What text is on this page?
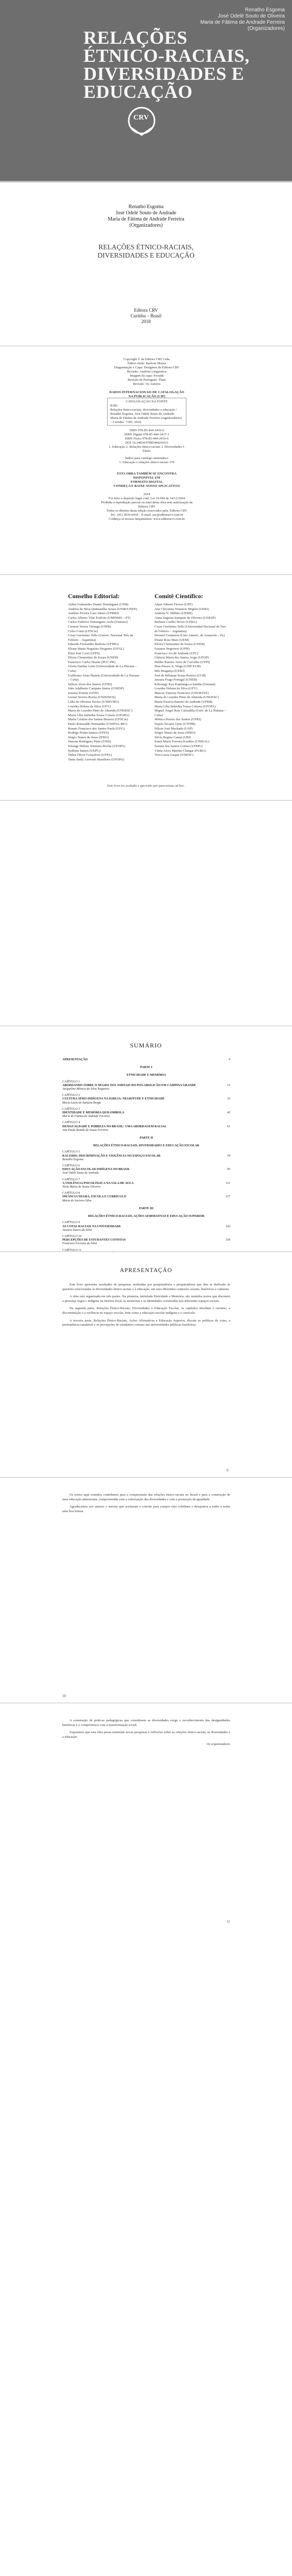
Renatho Esgoma
José Odelé Souto de Oliveira
Maria de Fátima de Andrade Ferreira
(Organizadores)
RELAÇÕES
ÉTNICO-RACIAIS,
DIVERSIDADES E
EDUCAÇÃO
CRV
Renatho Esgoma
José Odelé Souto de Andrade
Maria de Fátima de Andrade Ferreira
(Organizadores)
RELAÇÕES ÉTNICO-RACIAIS,
DIVERSIDADES E EDUCAÇÃO
Editora CRV
Curitiba – Brasil
2018
Copyright © da Editora CRV Ltda.
Editor-chefe: Railson Moura
Diagramação e Capa: Designers da Editora CRV
Revisão: Analista Linguística
Imagem da capa: Freepik
Revisão de Português: Thaís
Revisão: Os Autores
DADOS INTERNACIONAIS DE CATALOGAÇÃO NA PUBLICAÇÃO (CIP)
CATALOGAÇÃO NA FONTE
R382
Relações étnico-raciais, diversidades e educação / Renatho Esgoma, José Odelé Souto de Andrade, Maria de Fátima de Andrade Ferreira (organizadores) – Curitiba : CRV, 2018.
ISBN 978-85-444-2416-6
ISBN Digital 978-85-444-2417-3
ISBN Físico 978-85-444-2416-6
DOI 10.24824/978854442416.6
1. Educação 2. Relações étnico-raciais 3. Diversidades I. Título.
Índice para catálogo sistemático
1. Educação e relações étnico-raciais 370
ESTA OBRA TAMBÉM SE ENCONTRA DISPONÍVEL EM
FORMATO DIGITAL
CONHEÇA E BAIXE NOSSO APLICATIVO!
2018
Foi feito o depósito legal conf. Lei 10.994 de 14/12/2004
Proibida a reprodução parcial ou total desta obra sem autorização da Editora CRV
Todos os direitos desta edição reservados pela: Editora CRV
Tel.: (41) 3039-6418 – E-mail: sac@editoracrv.com.br
Conheça os nossos lançamentos: www.editoracrv.com.br
Conselho Editorial:	Comitê Científico:
Aldira Guimarães Duarte Domínguez (UNB)
Andréia da Silva Quintanilha Sousa (UNIR/UFRN)
Antônio Pereira Gaio Júnior (UFRRJ)
Carlos Alberto Vilar Estêvão (UMINHO – PT)
Carlos Federico Dominguez Avila (Unieuro)
Carmen Tereza Velanga (UNIR)
Celso Conti (UFSCar)
Cesar Gerónimo Tello (Univer. Nacional Três de Febrero – Argentina)
Eduardo Fernandes Barbosa (UFMG)
Elione Maria Nogueira Diogenes (UFAL)
Élsio José Corá (UFFS)
Elizeu Clementino de Souza (UNEB)
Francisco Carlos Duarte (PUC-PR)
Gloria Fariñas León (Universidade de La Havana – Cuba)
Guillermo Arias Beatón (Universidade de La Havana – Cuba)
Jailson Alves dos Santos (UFRJ)
João Adalberto Campato Junior (UNESP)
Josania Portela (UFPI)
Leonel Severo Rocha (UNISINOS)
Lídia de Oliveira Xavier (UNIEURO)
Lourdes Helena da Silva (UFV)
Maria de Lourdes Pinto de Almeida (UNOESC)
Maria Lília Imbiriba Sousa Colares (UFOPA)
Maria Cristina dos Santos Bezerra (UFSCar)
Paulo Romualdo Hernandes (UNIFAL-MG)
Renato Francisco dos Santos Paula (UFG)
Rodrigo Pratte-Santos (UFES)
Sérgio Nunes de Jesus (IFRO)
Simone Rodrigues Pinto (UNB)
Solange Helena Ximenes-Rocha (UFOPA)
Sydione Santos (UEPG)
Tadeu Oliver Gonçalves (UFPA)
Tania Suely Azevedo Brasileiro (UFOPA)
Altair Alberto Fávero (UPF)
Ana Chrystina Venancio Mignot (UERJ)
Andréia N. Militão (UEMS)
Anna Augusta Sampaio de Oliveira (UNESP)
Barbara Coelho Neves (UFBA)
Cesar Gerónimo Tello (Universidad Nacional de Tres de Febrero – Argentina)
Diosnel Centurion (Univ Americ. de Asunción – Py)
Eliane Rose Maio (UEM)
Elizeu Clementino de Souza (UNEB)
Fauston Negreiros (UFPI)
Francisco Ari de Andrade (UFC)
Gláucia Maria dos Santos Jorge (UFOP)
Helder Buenos Aires de Carvalho (UFPI)
Ilma Passos A. Veiga (UNICEUB)
Inês Bragança (UERJ)
José de Ribamar Sousa Pereira (UCB)
Jussara Fraga Portugal (UNEB)
Kilwangy Kya Kapitango-a-Samba (Unemat)
Lourdes Helena da Silva (UFV)
Marcos Vinicius Francisco (UNOESTE)
Maria de Lourdes Pinto de Almeida (UNOESC)
Maria Eurácia Barreto de Andrade (UFRB)
Maria Lília Imbiriba Sousa Colares (UFOPA)
Míguel Ángel Ruiz Calzadilla (Univ. de La Habana – Cuba)
Mônica Pereira dos Santos (UFRJ)
Najela Tavares Ujiie (UTFPR)
Nilson José Machado (USP)
Sérgio Nunes de Jesus (IFRO)
Silvia Regina Canan (URI)
Sonia Maria Ferreira Koehler (UNISAL)
Suzana dos Santos Gomes (UFMG)
Vânia Alves Martins Chaigar (FURG)
Vera Lucia Gaspar (UDESC)
Este livro foi avaliado e aprovado por pareceristas ad hoc.
SUMÁRIO
APRESENTAÇÃO	9
PARTE I
ETNICIDADE E MEMÓRIA
CAPÍTULO 1
ABORDANDO SOBRE O NEGRO NOS JORNAIS DO POS-ABOLICÃO EM CAMPINA GRANDE	13
Jacqueline Mônica da Silva Nogueira
CAPÍTULO 2
CULTURA AFRO-INDÍGENA NA IGREJA: NEGRITUDE E ETNICIDADE	33
Maria Lúcia de Santana Braga
CAPÍTULO 3
IDENTIDADE E MEMÓRIA QUILOMBOLA	45
Maria de Fátima de Andrade Ferreira
CAPÍTULO 4
DESIGUALDADE E POBREZA NO BRASIL: UMA ABORDAGEM RACIAL	61
Ana Paula Romão de Souza Ferreira
PARTE II
RELAÇÕES ÉTNICO-RACIAIS, DIVERSIDADES E EDUCAÇÃO ESCOLAR
CAPÍTULO 5
RACISMO, DISCRIMINAÇÃO E VIOLÊNCIA NO ESPAÇO ESCOLAR	79
Renatho Esgoma
CAPÍTULO 6
EDUCAÇÃO ESCOLAR INDÍGENA NO BRASIL	95
José Odelé Souto de Andrade
CAPÍTULO 7
A VIOLÊNCIA PSICOLÓGICA NA SALA DE AULA	111
Nívia Maria de Souza Oliveira
CAPÍTULO 8
INFÂNCIA NEGRA, ESCOLA E CURRÍCULO	127
Maria do Socorro Silva
PARTE III
RELAÇÕES ÉTNICO-RACIAIS, AÇÕES AFIRMATIVAS E EDUCAÇÃO SUPERIOR
CAPÍTULO 9
AS COTAS RACIAIS NA UNIVERSIDADE	143
Jussara Soares da Silva
CAPÍTULO 10
PERCEPÇÕES DE ESTUDANTES COTISTAS	159
Francisco Ferreira da Silva
CAPÍTULO 11
APRESENTAÇÃO

Este livro apresenta resultados de pesquisas realizadas por pesquisadores e pesquisadoras que têm se dedicado às questões relacionadas às diversidades étnico-raciais e à educação, em seus diferentes contextos sociais, históricos e culturais.

A obra está organizada em três partes. Na primeira, intitulada Etnicidade e Memória, são reunidos textos que discutem a presença negra e indígena na história local, as memórias e as identidades construídas nos diferentes espaços sociais.

Na segunda parte, Relações Étnico-Raciais, Diversidades e Educação Escolar, os capítulos abordam o racismo, a discriminação e a violência no espaço escolar, bem como a educação escolar indígena e o currículo.

A terceira parte, Relações Étnico-Raciais, Ações Afirmativas e Educação Superior, discute as políticas de cotas, a permanência estudantil e as percepções de estudantes cotistas nas universidades públicas brasileiras.

9

Os textos aqui reunidos contribuem para a compreensão das relações étnico-raciais no Brasil e para a construção de uma educação antirracista, comprometida com a valorização das diversidades e com a promoção da igualdade.

Agradecemos aos autores e autoras que aceitaram o convite para compor esta coletânea e desejamos a todos e todas uma boa leitura.

10

A construção de práticas pedagógicas que considerem as diversidades exige o reconhecimento das desigualdades históricas e o compromisso com a transformação social.

Esperamos que esta obra possa estimular novas pesquisas e reflexões sobre as relações étnico-raciais, as diversidades e a educação.

Os organizadores

11
